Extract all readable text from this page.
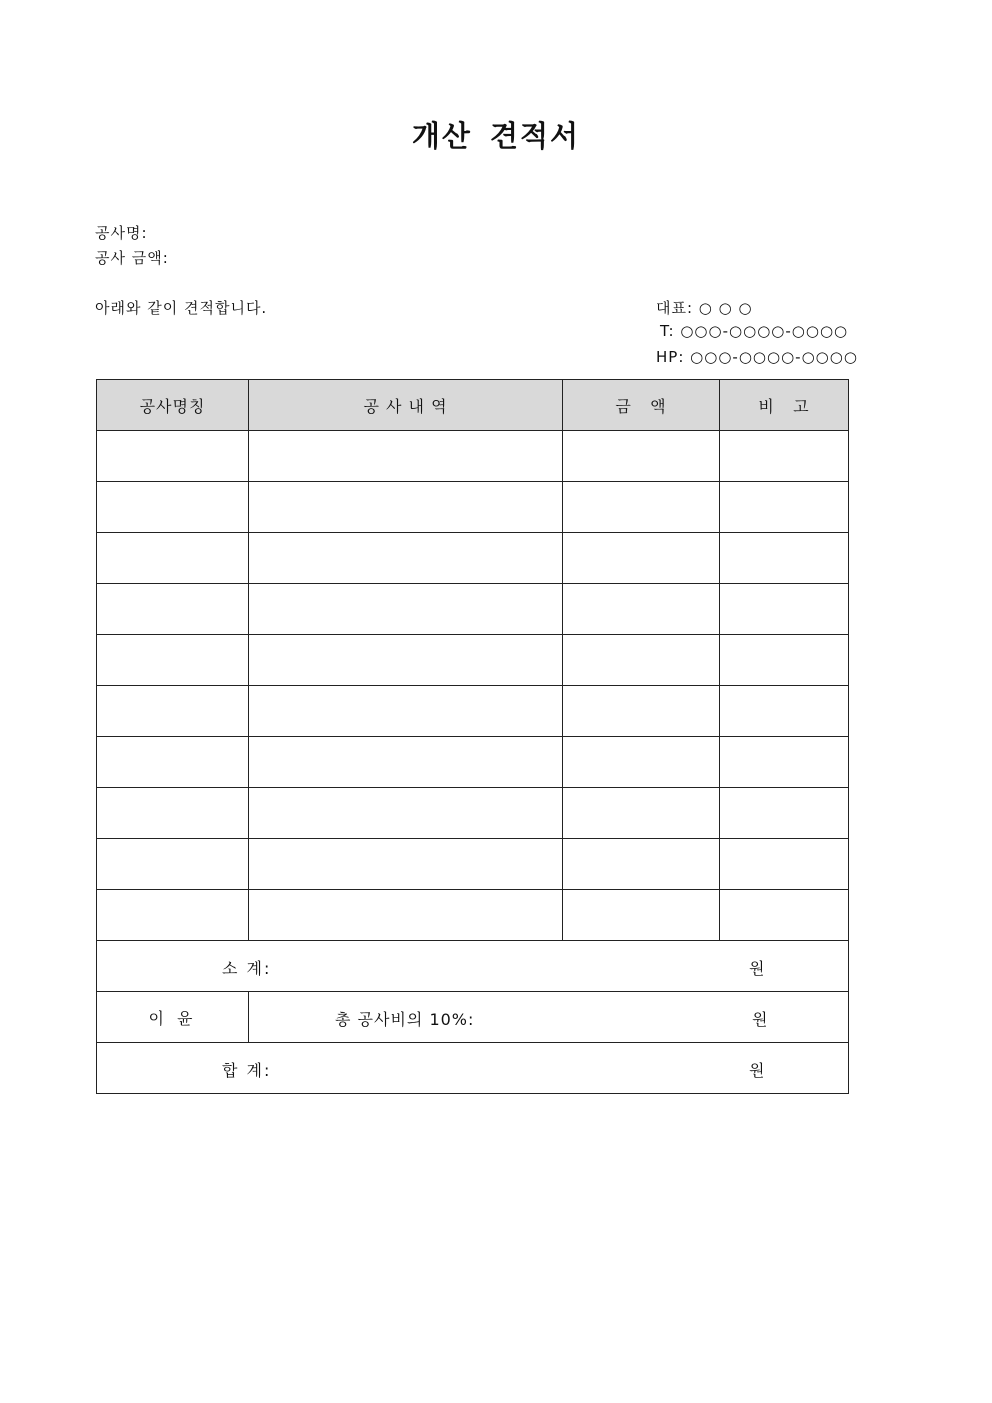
개산 견적서
공사명:
공사 금액:
아래와 같이 견적합니다.	대표: ○ ○ ○
T: ○○○-○○○○-○○○○
HP: ○○○-○○○○-○○○○
공사명칭	공 사 내 역	금   액	비   고

소 계: 원			

이 윤	총 공사비의 10%: 원		

합 계: 원			
